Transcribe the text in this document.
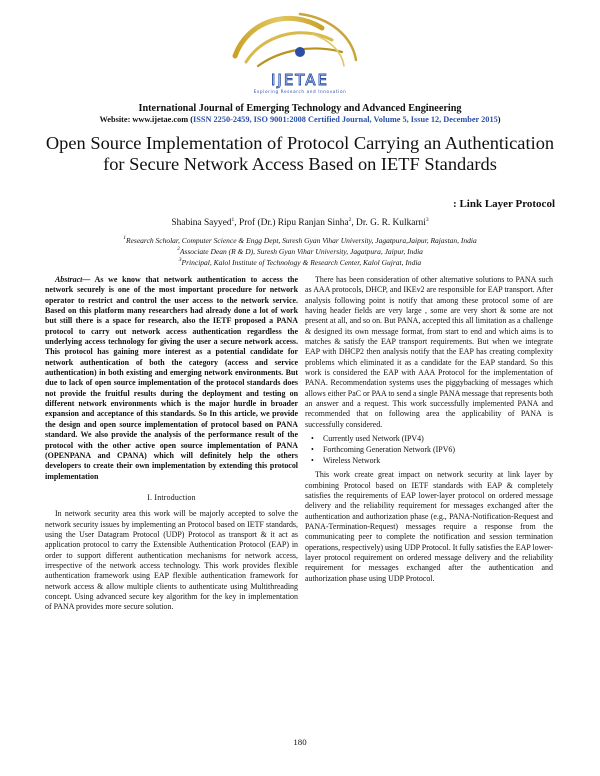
IJETAE
Exploring Research and Innovation
International Journal of Emerging Technology and Advanced Engineering
Website: www.ijetae.com (ISSN 2250-2459, ISO 9001:2008 Certified Journal, Volume 5, Issue 12, December 2015)
Open Source Implementation of Protocol Carrying an Authentication for Secure Network Access Based on IETF Standards
: Link Layer Protocol
Shabina Sayyed$^1$, Prof (Dr.) Ripu Ranjan Sinha$^2$, Dr. G. R. Kulkarni$^3$
$^1$Research Scholar, Computer Science & Engg Dept, Suresh Gyan Vihar University, Jagatpura,Jaipur, Rajastan, India
$^2$Associate Dean (R & D), Suresh Gyan Vihar University, Jagatpura, Jaipur, India
$^3$Principal, Kalol Institute of Technology & Research Center, Kalol Gujrat, India

Abstract— As we know that network authentication to access the network securely is one of the most important procedure for network operator to restrict and control the user access to the network service. Based on this platform many researchers had already done a lot of work but still there is a space for research, also the IETF proposed a PANA protocol to carry out network access authentication regardless the underlying access technology for giving the user a secure network access. This protocol has gaining more interest as a potential candidate for network authentication of both the category (access and service authentication) in both existing and emerging network environments. But due to lack of open source implementation of the protocol standards does not provide the fruitful results during the deployment and testing on different network environments which is the major hurdle in broader expansion and acceptance of this standards. So In this article, we provide the design and open source implementation of protocol based on PANA standard. We also provide the analysis of the performance result of the protocol with the other active open source implementation of PANA (OPENPANA and CPANA) which will definitely help the others developers to create their own implementation by extending this protocol implementation

I. Introduction

In network security area this work will be majorly accepted to solve the network security issues by implementing an Protocol based on IETF standards, using the User Datagram Protocol (UDP) Protocol as transport & it act as application protocol to carry the Extensible Authentication Protocol (EAP) in order to support different authentication mechanisms for network access, irrespective of the network access technology. This work provides flexible authentication framework using EAP flexible authentication framework for network access & allow multiple clients to authenticate using Multithreading concept. Using advanced secure key algorithm for the key in implementation of PANA provides more secure solution.

There has been consideration of other alternative solutions to PANA such as AAA protocols, DHCP, and IKEv2 are responsible for EAP transport. After analysis following point is notify that among these protocol some of are having header fields are very large , some are very short & some are not present at all, and so on. But PANA, accepted this all limitation as a challenge & designed its own message format, from start to end and which aims is to matches & satisfy the EAP transport requirements. But when we integrate EAP with DHCP2 then analysis notify that the EAP has creating complexity problems which eliminated it as a candidate for the EAP standard. So this work is considered the EAP with AAA Protocol for the implementation of PANA. Recommendation systems uses the piggybacking of messages which allows either PaC or PAA to send a single PANA message that represents both an answer and a request. This work successfully implemented PANA and recommended that on following area the applicability of PANA is successfully considered.

• Currently used Network (IPV4)
• Forthcoming Generation Network (IPV6)
• Wireless Network

This work create great impact on network security at link layer by combining Protocol based on IETF standards with EAP & completely satisfies the requirements of EAP lower-layer protocol on ordered message delivery and the reliability requirement for messages exchanged after the authentication and authorization phase (e.g., PANA-Notification-Request and PANA-Termination-Request) messages require a response from the communicating peer to complete the notification and session termination operations, respectively) using UDP Protocol. It fully satisfies the EAP lower-layer protocol requirement on ordered message delivery and the reliability requirement for messages exchanged after the authentication and authorization phase using UDP Protocol.

180
